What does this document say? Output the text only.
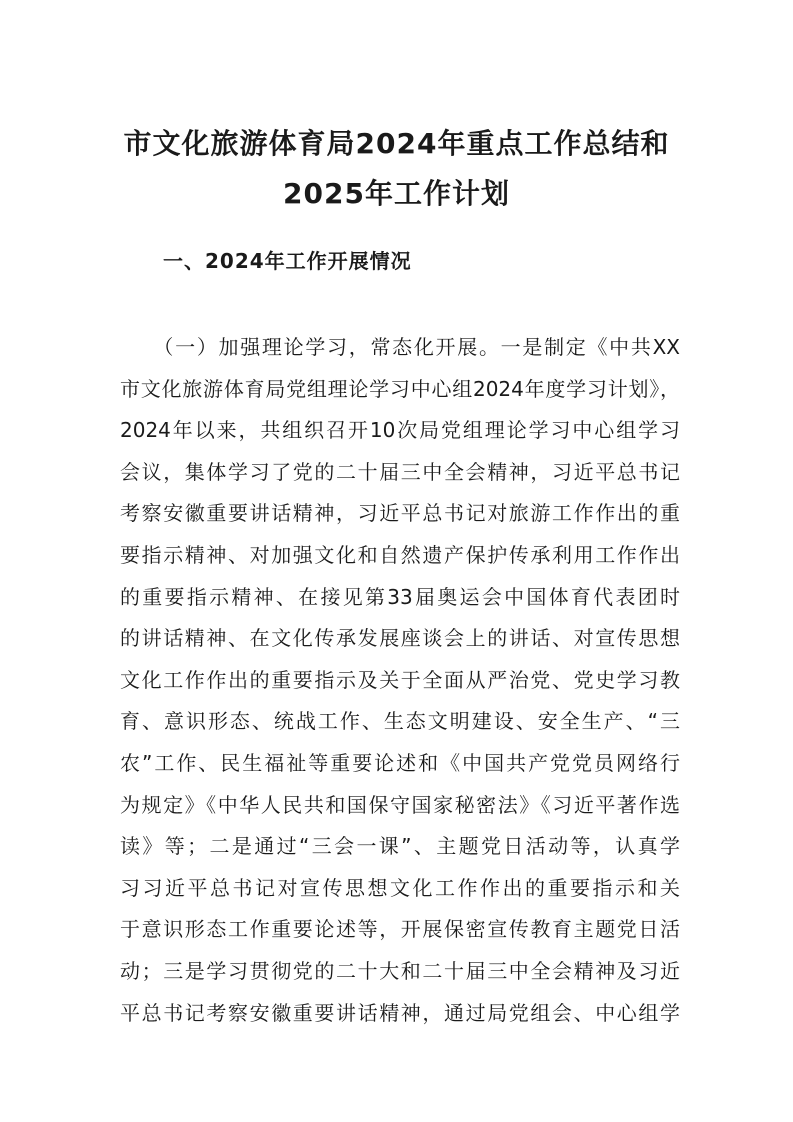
市文化旅游体育局2024年重点工作总结和
2025年工作计划
一、2024年工作开展情况
　　（一）加强理论学习，常态化开展。一是制定《中共XX
市文化旅游体育局党组理论学习中心组2024年度学习计划》，
2024年以来，共组织召开10次局党组理论学习中心组学习
会议，集体学习了党的二十届三中全会精神，习近平总书记
考察安徽重要讲话精神，习近平总书记对旅游工作作出的重
要指示精神、对加强文化和自然遗产保护传承利用工作作出
的重要指示精神、在接见第33届奥运会中国体育代表团时
的讲话精神、在文化传承发展座谈会上的讲话、对宣传思想
文化工作作出的重要指示及关于全面从严治党、党史学习教
育、意识形态、统战工作、生态文明建设、安全生产、“三
农”工作、民生福祉等重要论述和《中国共产党党员网络行
为规定》《中华人民共和国保守国家秘密法》《习近平著作选
读》等；二是通过“三会一课”、主题党日活动等，认真学
习习近平总书记对宣传思想文化工作作出的重要指示和关
于意识形态工作重要论述等，开展保密宣传教育主题党日活
动；三是学习贯彻党的二十大和二十届三中全会精神及习近
平总书记考察安徽重要讲话精神，通过局党组会、中心组学
